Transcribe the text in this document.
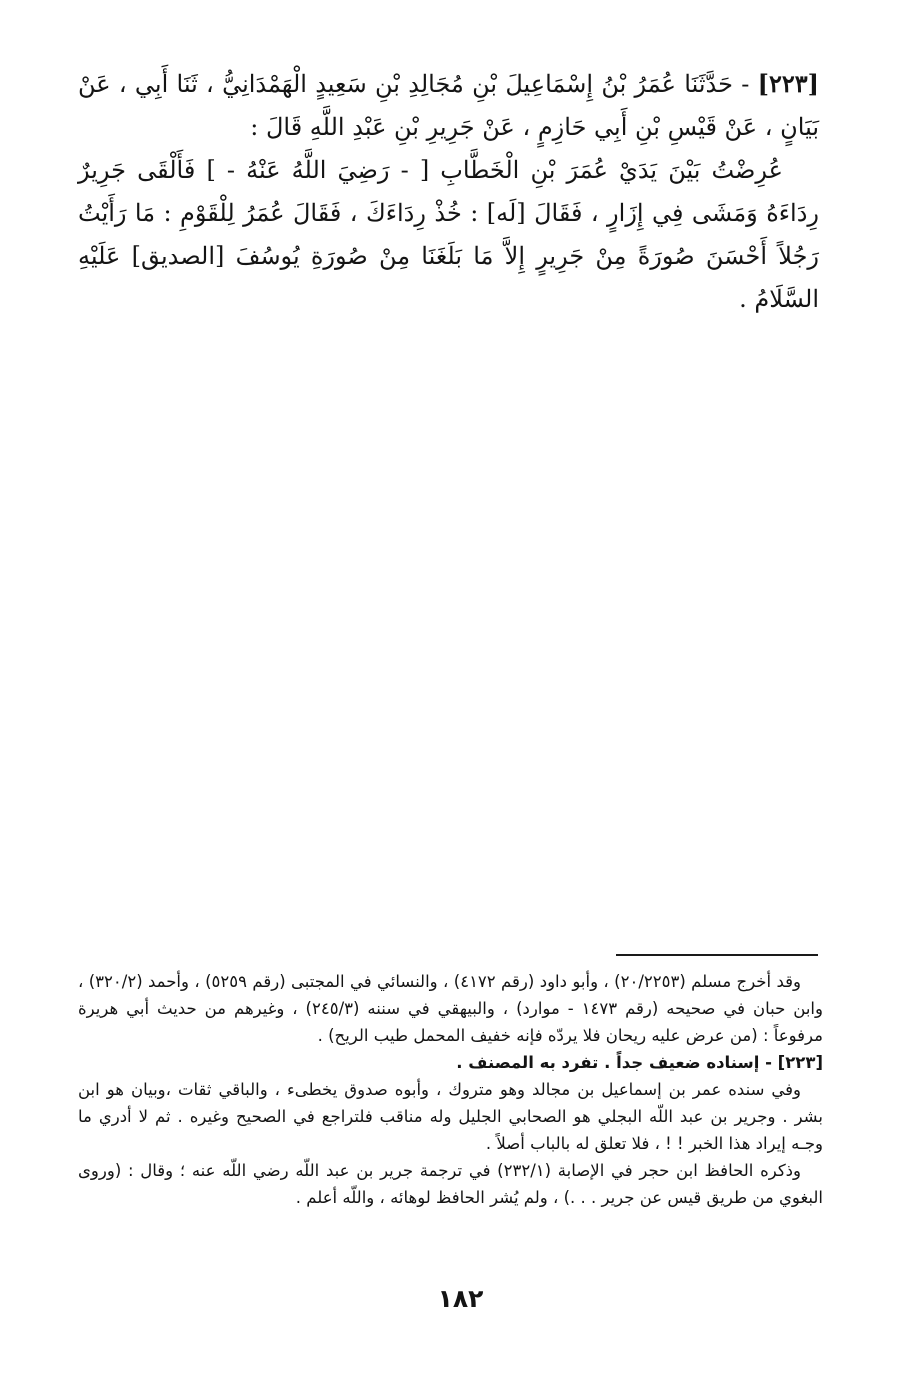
[٢٢٣] - حَدَّثَنَا عُمَرُ بْنُ إِسْمَاعِيلَ بْنِ مُجَالِدِ بْنِ سَعِيدٍ الْهَمْدَانِيُّ ، ثَنَا أَبِي ، عَنْ بَيَانٍ ، عَنْ قَيْسِ بْنِ أَبِي حَازِمٍ ، عَنْ جَرِيرِ بْنِ عَبْدِ اللَّهِ قَالَ :

عُرِضْتُ بَيْنَ يَدَيْ عُمَرَ بْنِ الْخَطَّابِ [ - رَضِيَ اللَّهُ عَنْهُ - ] فَأَلْقَى جَرِيرٌ رِدَاءَهُ وَمَشَى فِي إِزَارٍ ، فَقَالَ [لَه] : خُذْ رِدَاءَكَ ، فَقَالَ عُمَرُ لِلْقَوْمِ : مَا رَأَيْتُ رَجُلاً أَحْسَنَ صُورَةً مِنْ جَرِيرٍ إِلاَّ مَا بَلَغَنَا مِنْ صُورَةِ يُوسُفَ [الصديق] عَلَيْهِ السَّلَامُ .

وقد أخرج مسلم (٢٠/٢٢٥٣) ، وأبو داود (رقم ٤١٧٢) ، والنسائي في المجتبى (رقم ٥٢٥٩) ، وأحمد (٣٢٠/٢) ، وابن حبان في صحيحه (رقم ١٤٧٣ - موارد) ، والبيهقي في سننه (٢٤٥/٣) ، وغيرهم من حديث أبي هريرة مرفوعاً : (من عرض عليه ريحان فلا يردّه فإنه خفيف المحمل طيب الريح) .

[٢٢٣] - إسناده ضعيف جداً . تفرد به المصنف .

وفي سنده عمر بن إسماعيل بن مجالد وهو متروك ، وأبوه صدوق يخطىء ، والباقي ثقات ،وبيان هو ابن بشر . وجرير بن عبد اللّه البجلي هو الصحابي الجليل وله مناقب فلتراجع في الصحيح وغيره . ثم لا أدري ما وجـه إيراد هذا الخبر ! ! ، فلا تعلق له بالباب أصلاً .

وذكره الحافظ ابن حجر في الإصابة (٢٣٢/١) في ترجمة جرير بن عبد اللّه رضي اللّه عنه ؛ وقال : (وروى البغوي من طريق قيس عن جرير . . .) ، ولم يُشر الحافظ لوهائه ، واللّه أعلم .

١٨٢
